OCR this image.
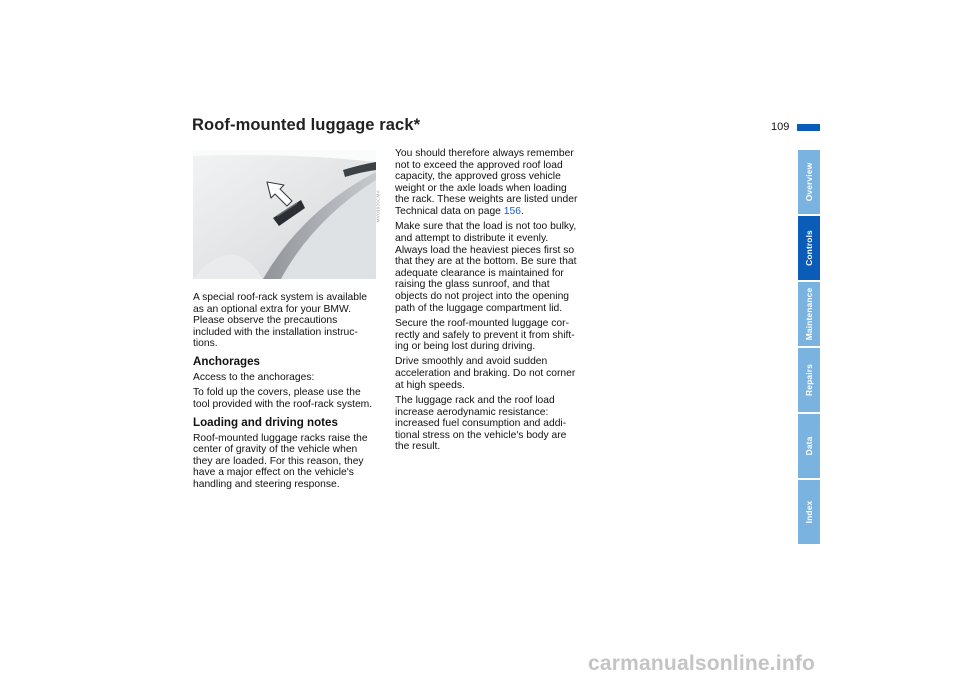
Roof-mounted luggage rack*	109
Overview
Controls
Maintenance
Repairs
Data
Index
MV09939CMA

A special roof-rack system is available
as an optional extra for your BMW.
Please observe the precautions
included with the installation instruc-
tions.

Anchorages

Access to the anchorages:

To fold up the covers, please use the
tool provided with the roof-rack system.

Loading and driving notes

Roof-mounted luggage racks raise the
center of gravity of the vehicle when
they are loaded. For this reason, they
have a major effect on the vehicle's
handling and steering response.

You should therefore always remember
not to exceed the approved roof load
capacity, the approved gross vehicle
weight or the axle loads when loading
the rack. These weights are listed under
Technical data on page 156.

Make sure that the load is not too bulky,
and attempt to distribute it evenly.
Always load the heaviest pieces first so
that they are at the bottom. Be sure that
adequate clearance is maintained for
raising the glass sunroof, and that
objects do not project into the opening
path of the luggage compartment lid.

Secure the roof-mounted luggage cor-
rectly and safely to prevent it from shift-
ing or being lost during driving.

Drive smoothly and avoid sudden
acceleration and braking. Do not corner
at high speeds.

The luggage rack and the roof load
increase aerodynamic resistance:
increased fuel consumption and addi-
tional stress on the vehicle's body are
the result.

carmanualsonline.info
